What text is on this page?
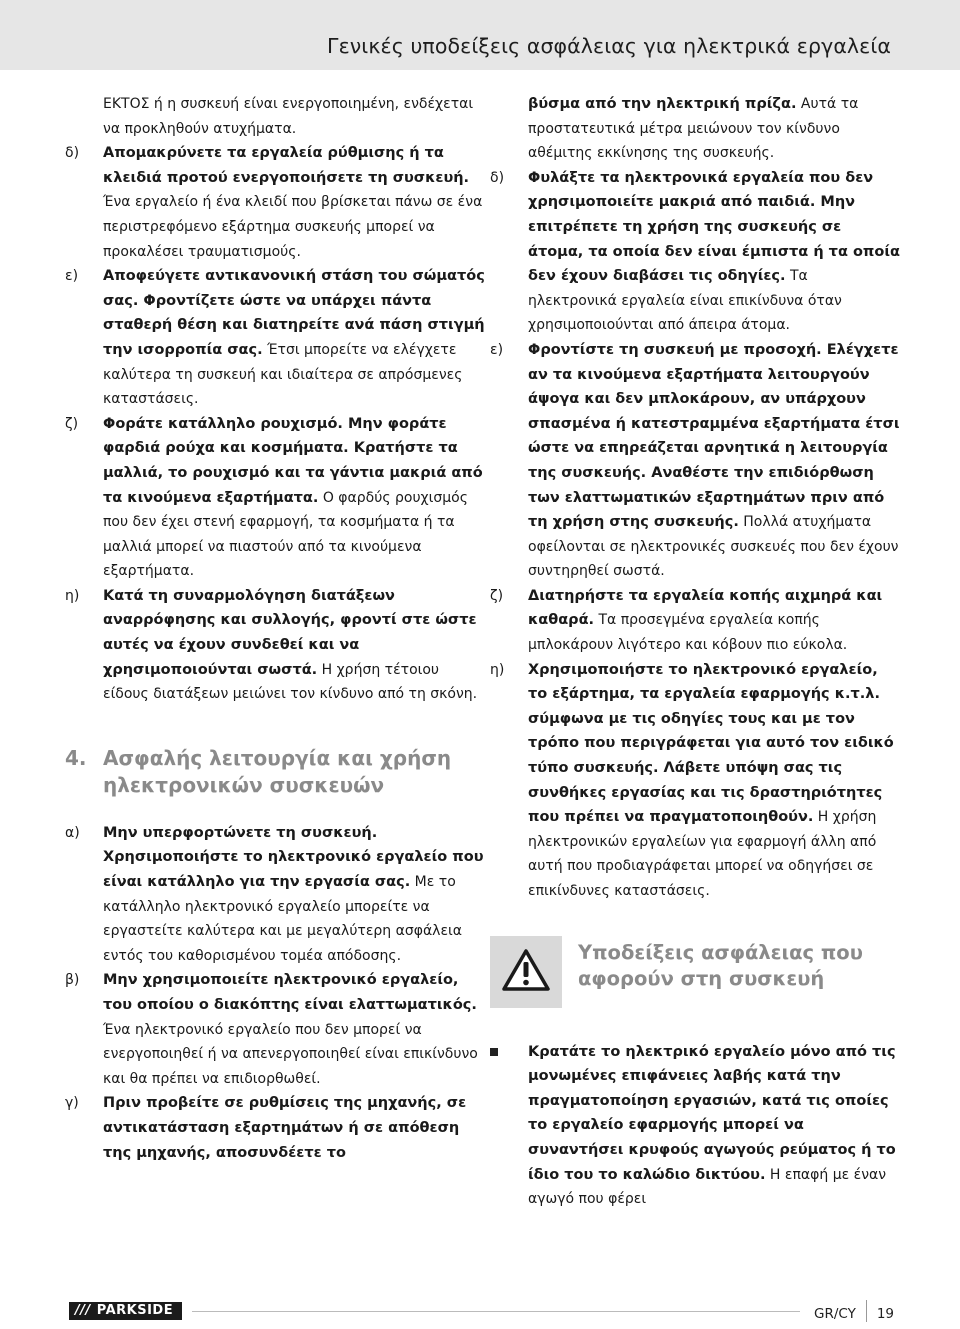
Γενικές υποδείξεις ασφάλειας για ηλεκτρικά εργαλεία
ΕΚΤΟΣ ή η συσκευή είναι ενεργοποιημένη, ενδέχεται να προκληθούν ατυχήματα.
δ) Απομακρύνετε τα εργαλεία ρύθμισης ή τα κλειδιά προτού ενεργοποιήσετε τη συσκευή. Ένα εργαλείο ή ένα κλειδί που βρίσκεται πάνω σε ένα περιστρεφόμενο εξάρτημα συσκευής μπορεί να προκαλέσει τραυματισμούς.
ε) Αποφεύγετε αντικανονική στάση του σώματός σας. Φροντίζετε ώστε να υπάρχει πάντα σταθερή θέση και διατηρείτε ανά πάση στιγμή την ισορροπία σας. Έτσι μπορείτε να ελέγχετε καλύτερα τη συσκευή και ιδιαίτερα σε απρόσμενες καταστάσεις.
ζ) Φοράτε κατάλληλο ρουχισμό. Μην φοράτε φαρδιά ρούχα και κοσμήματα. Κρατήστε τα μαλλιά, το ρουχισμό και τα γάντια μακριά από τα κινούμενα εξαρτήματα. Ο φαρδύς ρουχισμός που δεν έχει στενή εφαρμογή, τα κοσμήματα ή τα μαλλιά μπορεί να πιαστούν από τα κινούμενα εξαρτήματα.
η) Κατά τη συναρμολόγηση διατάξεων αναρρόφησης και συλλογής, φροντί στε ώστε αυτές να έχουν συνδεθεί και να χρησιμοποιούνται σωστά. Η χρήση τέτοιου είδους διατάξεων μειώνει τον κίνδυνο από τη σκόνη.
4. Ασφαλής λειτουργία και χρήση
ηλεκτρονικών συσκευών
α) Μην υπερφορτώνετε τη συσκευή. Χρησιμοποιήστε το ηλεκτρονικό εργαλείο που είναι κατάλληλο για την εργασία σας. Με το κατάλληλο ηλεκτρονικό εργαλείο μπορείτε να εργαστείτε καλύτερα και με μεγαλύτερη ασφάλεια εντός του καθορισμένου τομέα απόδοσης.
β) Μην χρησιμοποιείτε ηλεκτρονικό εργαλείο, του οποίου ο διακόπτης είναι ελαττωματικός. Ένα ηλεκτρονικό εργαλείο που δεν μπορεί να ενεργοποιηθεί ή να απενεργοποιηθεί είναι επικίνδυνο και θα πρέπει να επιδιορθωθεί.
γ) Πριν προβείτε σε ρυθμίσεις της μηχανής, σε αντικατάσταση εξαρτημάτων ή σε απόθεση της μηχανής, αποσυνδέετε το
βύσμα από την ηλεκτρική πρίζα. Αυτά τα προστατευτικά μέτρα μειώνουν τον κίνδυνο αθέμιτης εκκίνησης της συσκευής.
δ) Φυλάξτε τα ηλεκτρονικά εργαλεία που δεν χρησιμοποιείτε μακριά από παιδιά. Μην επιτρέπετε τη χρήση της συσκευής σε άτομα, τα οποία δεν είναι έμπιστα ή τα οποία δεν έχουν διαβάσει τις οδηγίες. Τα ηλεκτρονικά εργαλεία είναι επικίνδυνα όταν χρησιμοποιούνται από άπειρα άτομα.
ε) Φροντίστε τη συσκευή με προσοχή. Ελέγχετε αν τα κινούμενα εξαρτήματα λειτουργούν άψογα και δεν μπλοκάρουν, αν υπάρχουν σπασμένα ή κατεστραμμένα εξαρτήματα έτσι ώστε να επηρεάζεται αρνητικά η λειτουργία της συσκευής. Αναθέστε την επιδιόρθωση των ελαττωματικών εξαρτημάτων πριν από τη χρήση στης συσκευής. Πολλά ατυχήματα οφείλονται σε ηλεκτρονικές συσκευές που δεν έχουν συντηρηθεί σωστά.
ζ) Διατηρήστε τα εργαλεία κοπής αιχμηρά και καθαρά. Τα προσεγμένα εργαλεία κοπής μπλοκάρουν λιγότερο και κόβουν πιο εύκολα.
η) Χρησιμοποιήστε το ηλεκτρονικό εργαλείο, το εξάρτημα, τα εργαλεία εφαρμογής κ.τ.λ. σύμφωνα με τις οδηγίες τους και με τον τρόπο που περιγράφεται για αυτό τον ειδικό τύπο συσκευής. Λάβετε υπόψη σας τις συνθήκες εργασίας και τις δραστηριότητες που πρέπει να πραγματοποιηθούν. Η χρήση ηλεκτρονικών εργαλείων για εφαρμογή άλλη από αυτή που προδιαγράφεται μπορεί να οδηγήσει σε επικίνδυνες καταστάσεις.
Υποδείξεις ασφάλειας που
αφορούν στη συσκευή
Κρατάτε το ηλεκτρικό εργαλείο μόνο από τις μονωμένες επιφάνειες λαβής κατά την πραγματοποίηση εργασιών, κατά τις οποίες το εργαλείο εφαρμογής μπορεί να συναντήσει κρυφούς αγωγούς ρεύματος ή το ίδιο του το καλώδιο δικτύου. Η επαφή με έναν αγωγό που φέρει
/// PARKSIDE	GR/CY 19
